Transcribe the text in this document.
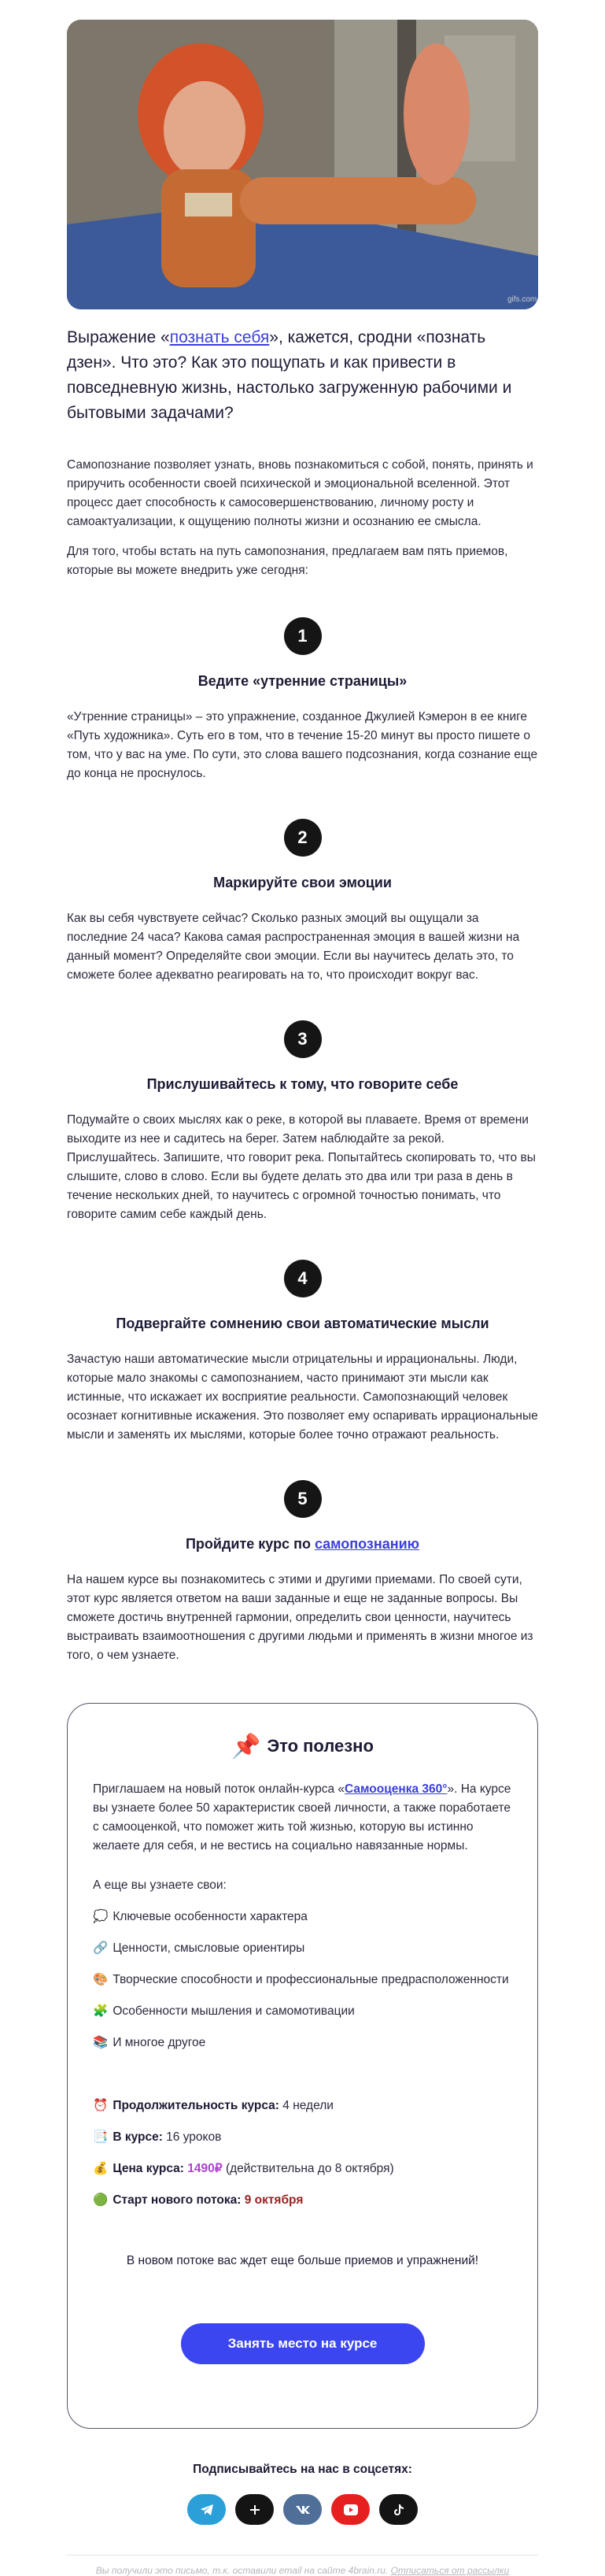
gifs.com

Выражение «познать себя», кажется, сродни «познать дзен». Что это? Как это пощупать и как привести в повседневную жизнь, настолько загруженную рабочими и бытовыми задачами?

Самопознание позволяет узнать, вновь познакомиться с собой, понять, принять и приручить особенности своей психической и эмоциональной вселенной. Этот процесс дает способность к самосовершенствованию, личному росту и самоактуализации, к ощущению полноты жизни и осознанию ее смысла.

Для того, чтобы встать на путь самопознания, предлагаем вам пять приемов, которые вы можете внедрить уже сегодня:

1
Ведите «утренние страницы»

«Утренние страницы» – это упражнение, созданное Джулией Кэмерон в ее книге «Путь художника». Суть его в том, что в течение 15-20 минут вы просто пишете о том, что у вас на уме. По сути, это слова вашего подсознания, когда сознание еще до конца не проснулось.

2
Маркируйте свои эмоции

Как вы себя чувствуете сейчас? Сколько разных эмоций вы ощущали за последние 24 часа? Какова самая распространенная эмоция в вашей жизни на данный момент? Определяйте свои эмоции. Если вы научитесь делать это, то сможете более адекватно реагировать на то, что происходит вокруг вас.

3
Прислушивайтесь к тому, что говорите себе

Подумайте о своих мыслях как о реке, в которой вы плаваете. Время от времени выходите из нее и садитесь на берег. Затем наблюдайте за рекой. Прислушайтесь. Запишите, что говорит река. Попытайтесь скопировать то, что вы слышите, слово в слово. Если вы будете делать это два или три раза в день в течение нескольких дней, то научитесь с огромной точностью понимать, что говорите самим себе каждый день.

4
Подвергайте сомнению свои автоматические мысли

Зачастую наши автоматические мысли отрицательны и иррациональны. Люди, которые мало знакомы с самопознанием, часто принимают эти мысли как истинные, что искажает их восприятие реальности. Самопознающий человек осознает когнитивные искажения. Это позволяет ему оспаривать иррациональные мысли и заменять их мыслями, которые более точно отражают реальность.

5
Пройдите курс по самопознанию

На нашем курсе вы познакомитесь с этими и другими приемами. По своей сути, этот курс является ответом на ваши заданные и еще не заданные вопросы. Вы сможете достичь внутренней гармонии, определить свои ценности, научитесь выстраивать взаимоотношения с другими людьми и применять в жизни многое из того, о чем узнаете.

📌 Это полезно

Приглашаем на новый поток онлайн-курса «Самооценка 360°». На курсе вы узнаете более 50 характеристик своей личности, а также поработаете с самооценкой, что поможет жить той жизнью, которую вы истинно желаете для себя, и не вестись на социально навязанные нормы.

А еще вы узнаете свои:

💭 Ключевые особенности характера

🔗 Ценности, смысловые ориентиры

🎨 Творческие способности и профессиональные предрасположенности

🧩 Особенности мышления и самомотивации

📚 И многое другое

⏰ Продолжительность курса: 4 недели

📑 В курсе: 16 уроков

💰 Цена курса: 1490₽ (действительна до 8 октября)

🟢 Старт нового потока: 9 октября

В новом потоке вас ждет еще больше приемов и упражнений!

Занять место на курсе

Подписывайтесь на нас в соцсетях:

Вы получили это письмо, т.к. оставили email на сайте 4brain.ru. Отписаться от рассылки
